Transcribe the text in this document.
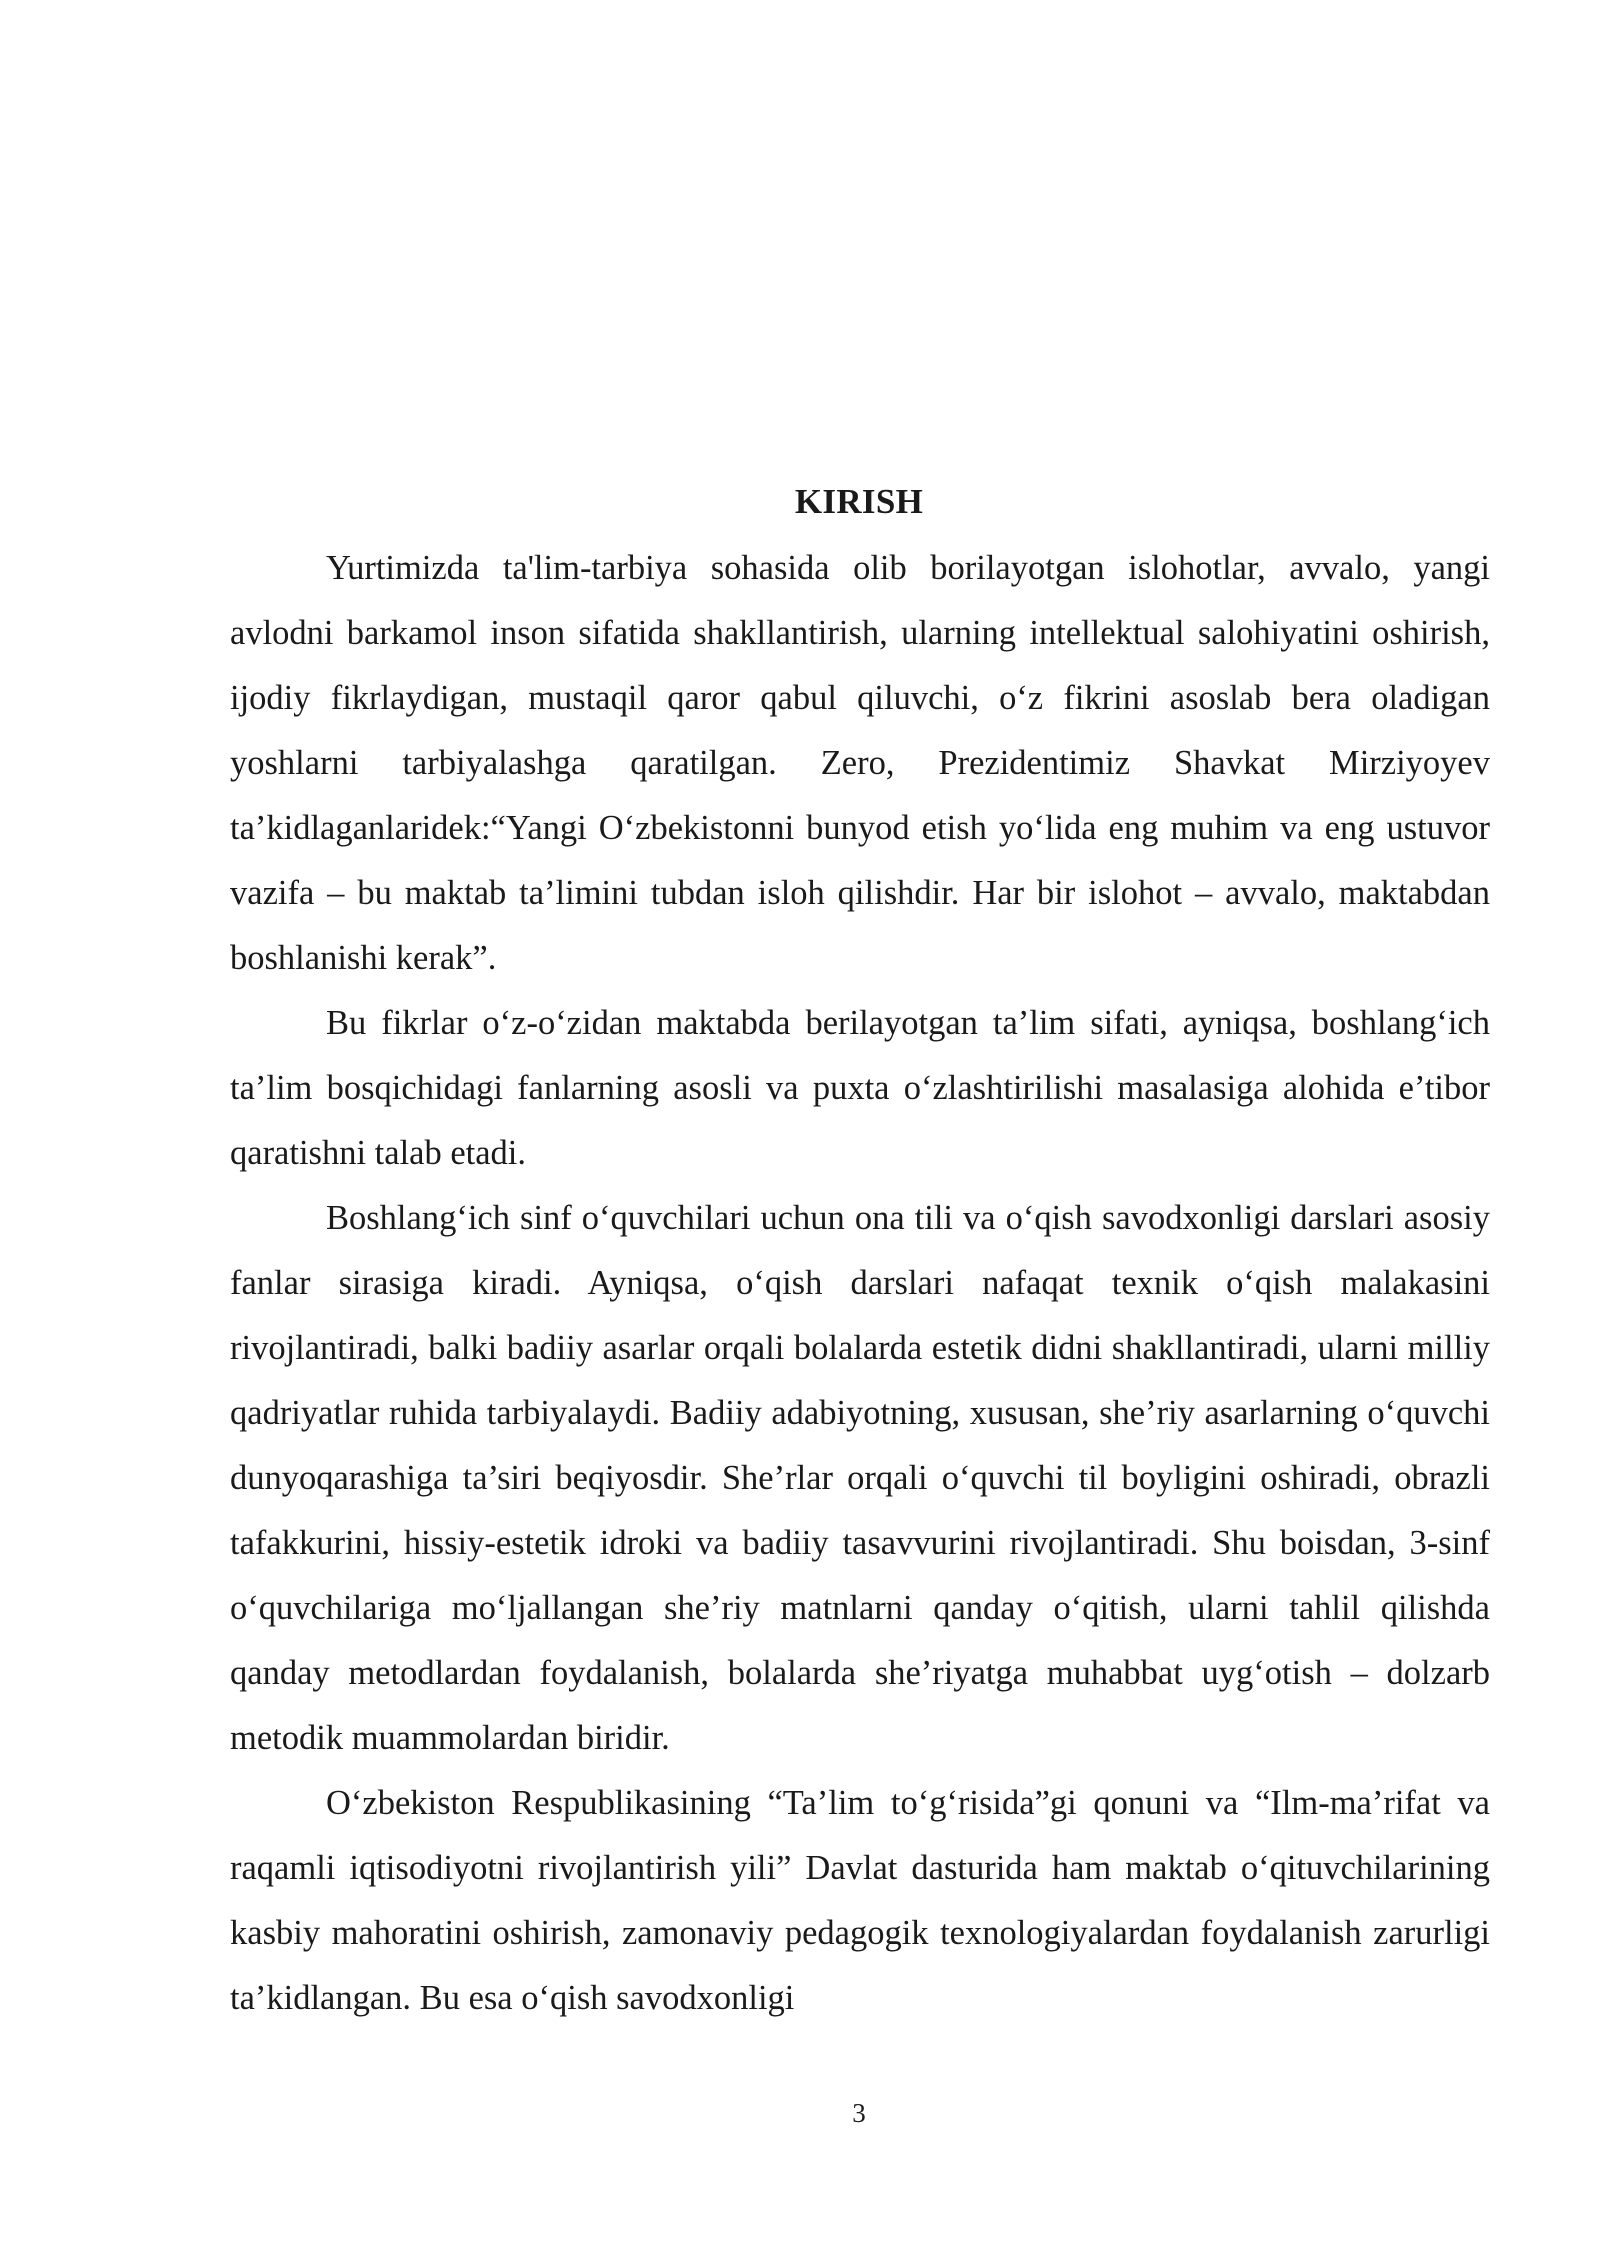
KIRISH

Yurtimizda ta'lim-tarbiya sohasida olib borilayotgan islohotlar, avvalo, yangi avlodni barkamol inson sifatida shakllantirish, ularning intellektual salohiyatini oshirish, ijodiy fikrlaydigan, mustaqil qaror qabul qiluvchi, o‘z fikrini asoslab bera oladigan yoshlarni tarbiyalashga qaratilgan. Zero, Prezidentimiz Shavkat Mirziyoyev ta’kidlaganlaridek:“Yangi O‘zbekistonni bunyod etish yo‘lida eng muhim va eng ustuvor vazifa – bu maktab ta’limini tubdan isloh qilishdir. Har bir islohot – avvalo, maktabdan boshlanishi kerak”.

Bu fikrlar o‘z-o‘zidan maktabda berilayotgan ta’lim sifati, ayniqsa, boshlang‘ich ta’lim bosqichidagi fanlarning asosli va puxta o‘zlashtirilishi masalasiga alohida e’tibor qaratishni talab etadi.

Boshlang‘ich sinf o‘quvchilari uchun ona tili va o‘qish savodxonligi darslari asosiy fanlar sirasiga kiradi. Ayniqsa, o‘qish darslari nafaqat texnik o‘qish malakasini rivojlantiradi, balki badiiy asarlar orqali bolalarda estetik didni shakllantiradi, ularni milliy qadriyatlar ruhida tarbiyalaydi. Badiiy adabiyotning, xususan, she’riy asarlarning o‘quvchi dunyoqarashiga ta’siri beqiyosdir. She’rlar orqali o‘quvchi til boyligini oshiradi, obrazli tafakkurini, hissiy-estetik idroki va badiiy tasavvurini rivojlantiradi. Shu boisdan, 3-sinf o‘quvchilariga mo‘ljallangan she’riy matnlarni qanday o‘qitish, ularni tahlil qilishda qanday metodlardan foydalanish, bolalarda she’riyatga muhabbat uyg‘otish – dolzarb metodik muammolardan biridir.

O‘zbekiston Respublikasining “Ta’lim to‘g‘risida”gi qonuni va “Ilm-ma’rifat va raqamli iqtisodiyotni rivojlantirish yili” Davlat dasturida ham maktab o‘qituvchilarining kasbiy mahoratini oshirish, zamonaviy pedagogik texnologiyalardan foydalanish zarurligi ta’kidlangan. Bu esa o‘qish savodxonligi

3
